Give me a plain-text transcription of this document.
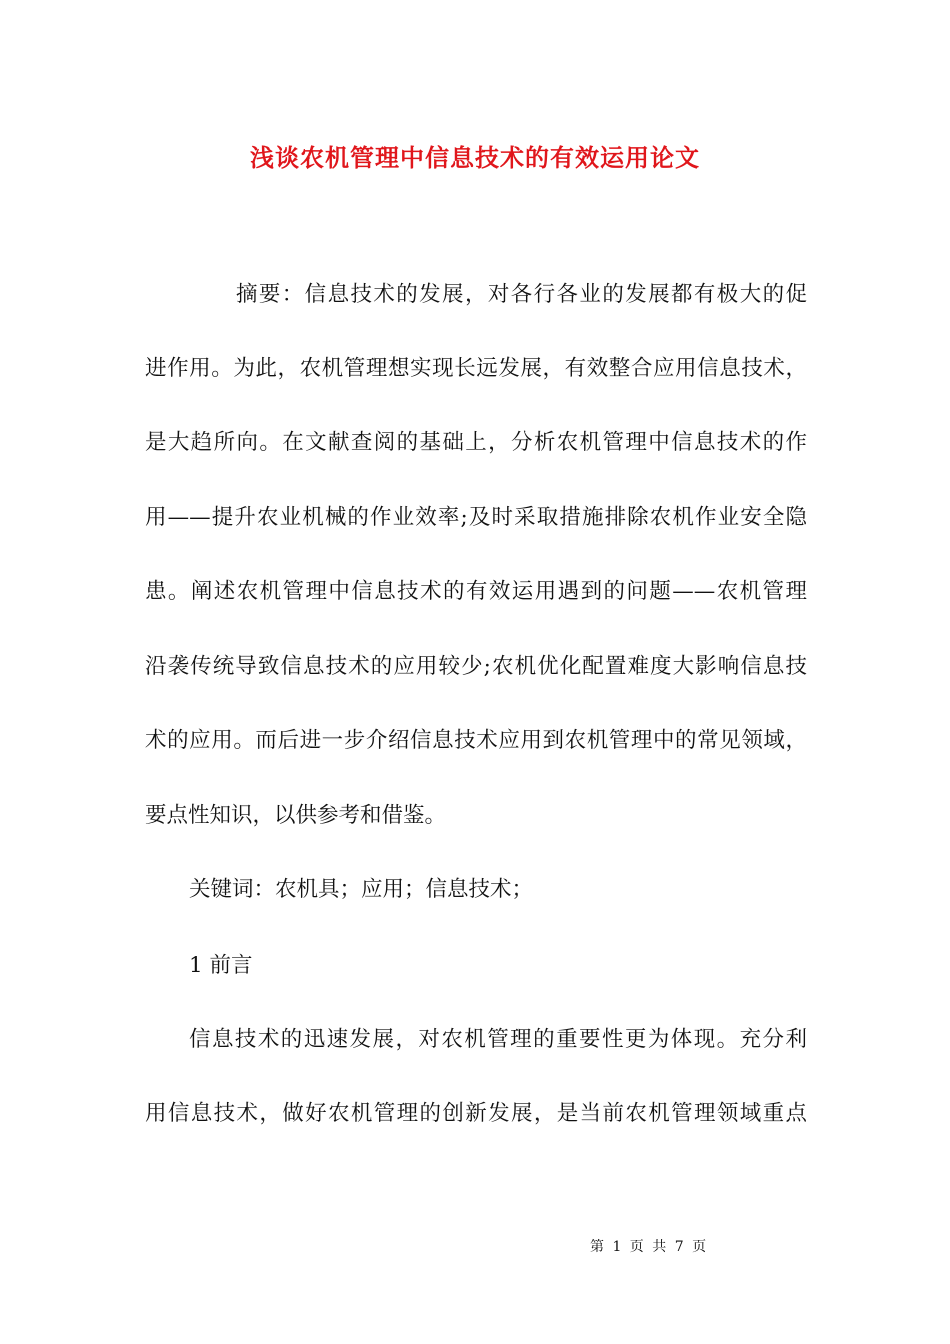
浅谈农机管理中信息技术的有效运用论文
摘要：信息技术的发展，对各行各业的发展都有极大的促
进作用。为此，农机管理想实现长远发展，有效整合应用信息技术，
是大趋所向。在文献查阅的基础上，分析农机管理中信息技术的作
用——提升农业机械的作业效率;及时采取措施排除农机作业安全隐
患。阐述农机管理中信息技术的有效运用遇到的问题——农机管理
沿袭传统导致信息技术的应用较少;农机优化配置难度大影响信息技
术的应用。而后进一步介绍信息技术应用到农机管理中的常见领域，
要点性知识，以供参考和借鉴。
关键词：农机具；应用；信息技术；
1 前言
信息技术的迅速发展，对农机管理的重要性更为体现。充分利
用信息技术，做好农机管理的创新发展，是当前农机管理领域重点
第 1 页 共 7 页
